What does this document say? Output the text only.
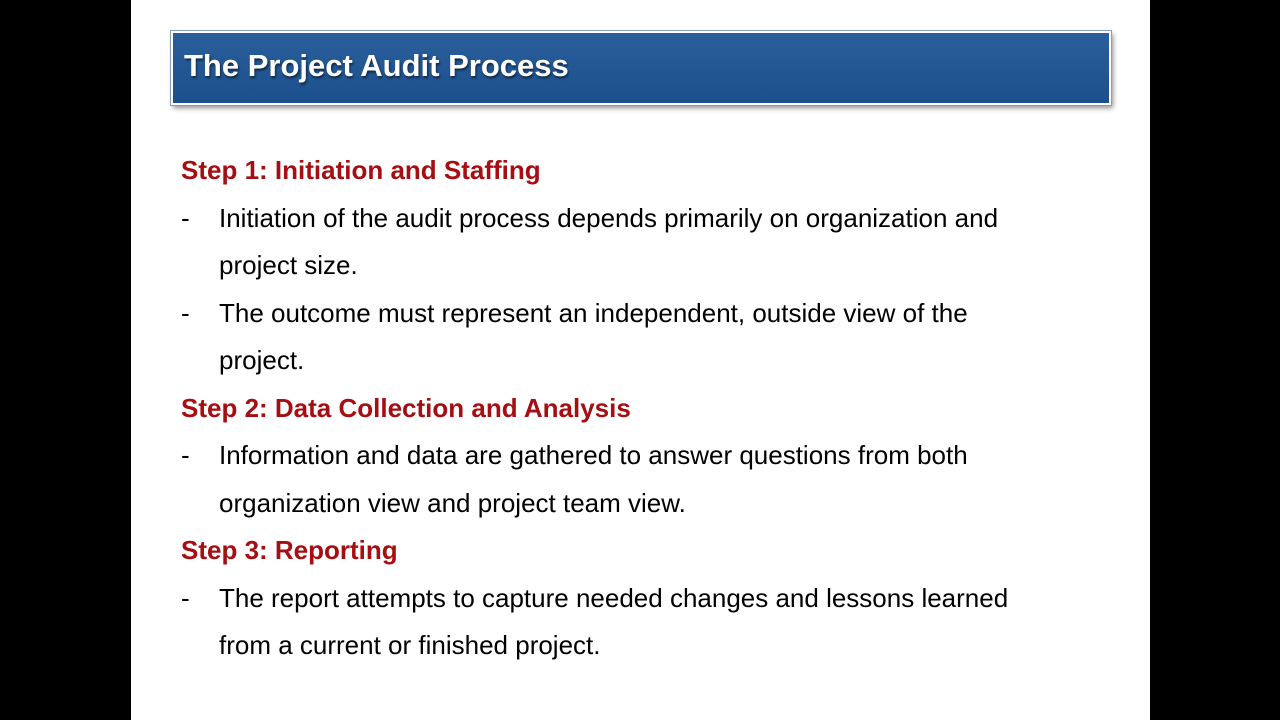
The Project Audit Process
Step 1: Initiation and Staffing
- Initiation of the audit process depends primarily on organization and
project size.
- The outcome must represent an independent, outside view of the
project.
Step 2: Data Collection and Analysis
- Information and data are gathered to answer questions from both
organization view and project team view.
Step 3: Reporting
- The report attempts to capture needed changes and lessons learned
from a current or finished project.
